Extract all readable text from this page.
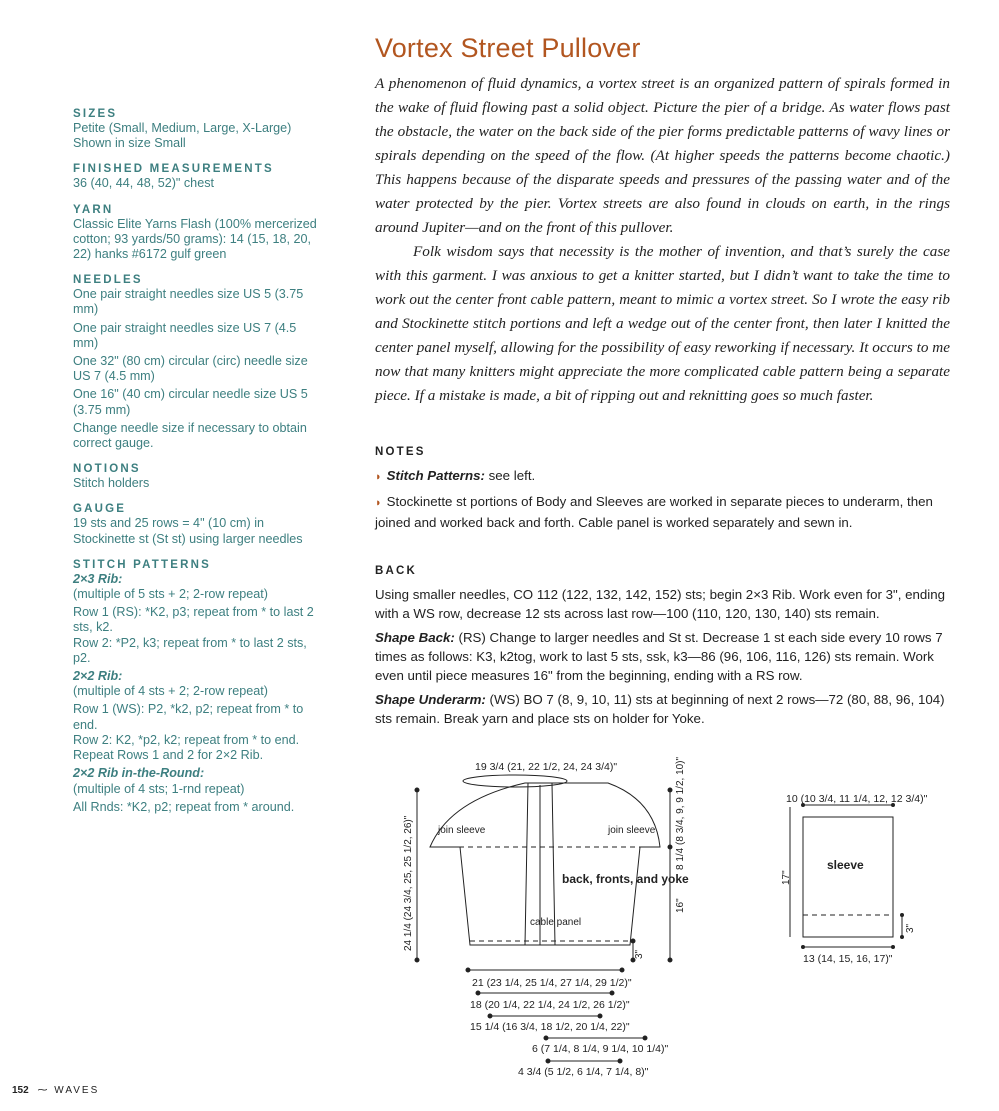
Vortex Street Pullover

A phenomenon of fluid dynamics, a vortex street is an organized pattern of spirals formed in the wake of fluid flowing past a solid object. Picture the pier of a bridge. As water flows past the obstacle, the water on the back side of the pier forms predictable patterns of wavy lines or spirals depending on the speed of the flow. (At higher speeds the patterns become chaotic.) This happens because of the disparate speeds and pressures of the passing water and of the water protected by the pier. Vortex streets are also found in clouds on earth, in the rings around Jupiter—and on the front of this pullover.

Folk wisdom says that necessity is the mother of invention, and that’s surely the case with this garment. I was anxious to get a knitter started, but I didn’t want to take the time to work out the center front cable pattern, meant to mimic a vortex street. So I wrote the easy rib and Stockinette stitch portions and left a wedge out of the center front, then later I knitted the center panel myself, allowing for the possibility of easy reworking if necessary. It occurs to me now that many knitters might appreciate the more complicated cable pattern being a separate piece. If a mistake is made, a bit of ripping out and reknitting goes so much faster.

SIZES
Petite (Small, Medium, Large, X-Large)
Shown in size Small
FINISHED MEASUREMENTS
36 (40, 44, 48, 52)" chest
YARN
Classic Elite Yarns Flash (100% mercerized cotton; 93 yards/50 grams): 14 (15, 18, 20, 22) hanks #6172 gulf green
NEEDLES

One pair straight needles size US 5 (3.75 mm)

One pair straight needles size US 7 (4.5 mm)

One 32" (80 cm) circular (circ) needle size US 7 (4.5 mm)

One 16" (40 cm) circular needle size US 5 (3.75 mm)

Change needle size if necessary to obtain correct gauge.

NOTIONS
Stitch holders
GAUGE
19 sts and 25 rows = 4" (10 cm) in Stockinette st (St st) using larger needles
STITCH PATTERNS
2×3 Rib:

(multiple of 5 sts + 2; 2-row repeat)

Row 1 (RS): *K2, p3; repeat from * to last 2 sts, k2.

Row 2: *P2, k3; repeat from * to last 2 sts, p2.

2×2 Rib:

(multiple of 4 sts + 2; 2-row repeat)

Row 1 (WS): P2, *k2, p2; repeat from * to end.
Row 2: K2, *p2, k2; repeat from * to end.

Repeat Rows 1 and 2 for 2×2 Rib.

2×2 Rib in-the-Round:

(multiple of 4 sts; 1-rnd repeat)

All Rnds: *K2, p2; repeat from * around.
NOTES

◗ Stitch Patterns: see left.

◗ Stockinette st portions of Body and Sleeves are worked in separate pieces to underarm, then joined and worked back and forth. Cable panel is worked separately and sewn in.

BACK

Using smaller needles, CO 112 (122, 132, 142, 152) sts; begin 2×3 Rib. Work even for 3", ending with a WS row, decrease 12 sts across last row—100 (110, 120, 130, 140) sts remain.

Shape Back: (RS) Change to larger needles and St st. Decrease 1 st each side every 10 rows 7 times as follows: K3, k2tog, work to last 5 sts, ssk, k3—86 (96, 106, 116, 126) sts remain. Work even until piece measures 16" from the beginning, ending with a RS row.

Shape Underarm: (WS) BO 7 (8, 9, 10, 11) sts at beginning of next 2 rows—72 (80, 88, 96, 104) sts remain. Break yarn and place sts on holder for Yoke.

19 3/4 (21, 22 1/2, 24, 24 3/4)"
join sleeve	join sleeve
cable panel
back, fronts, and yoke
24 1/4 (24 3/4, 25, 25 1/2, 26)"
8 1/4 (8 3/4, 9, 9 1/2, 10)"
16"
3"
21 (23 1/4, 25 1/4, 27 1/4, 29 1/2)"
18 (20 1/4, 22 1/4, 24 1/2, 26 1/2)"
15 1/4 (16 3/4, 18 1/2, 20 1/4, 22)"
6 (7 1/4, 8 1/4, 9 1/4, 10 1/4)"
4 3/4 (5 1/2, 6 1/4, 7 1/4, 8)"
10 (10 3/4, 11 1/4, 12, 12 3/4)"
sleeve
17"
3"
13 (14, 15, 16, 17)"
152 ⁓ WAVES
